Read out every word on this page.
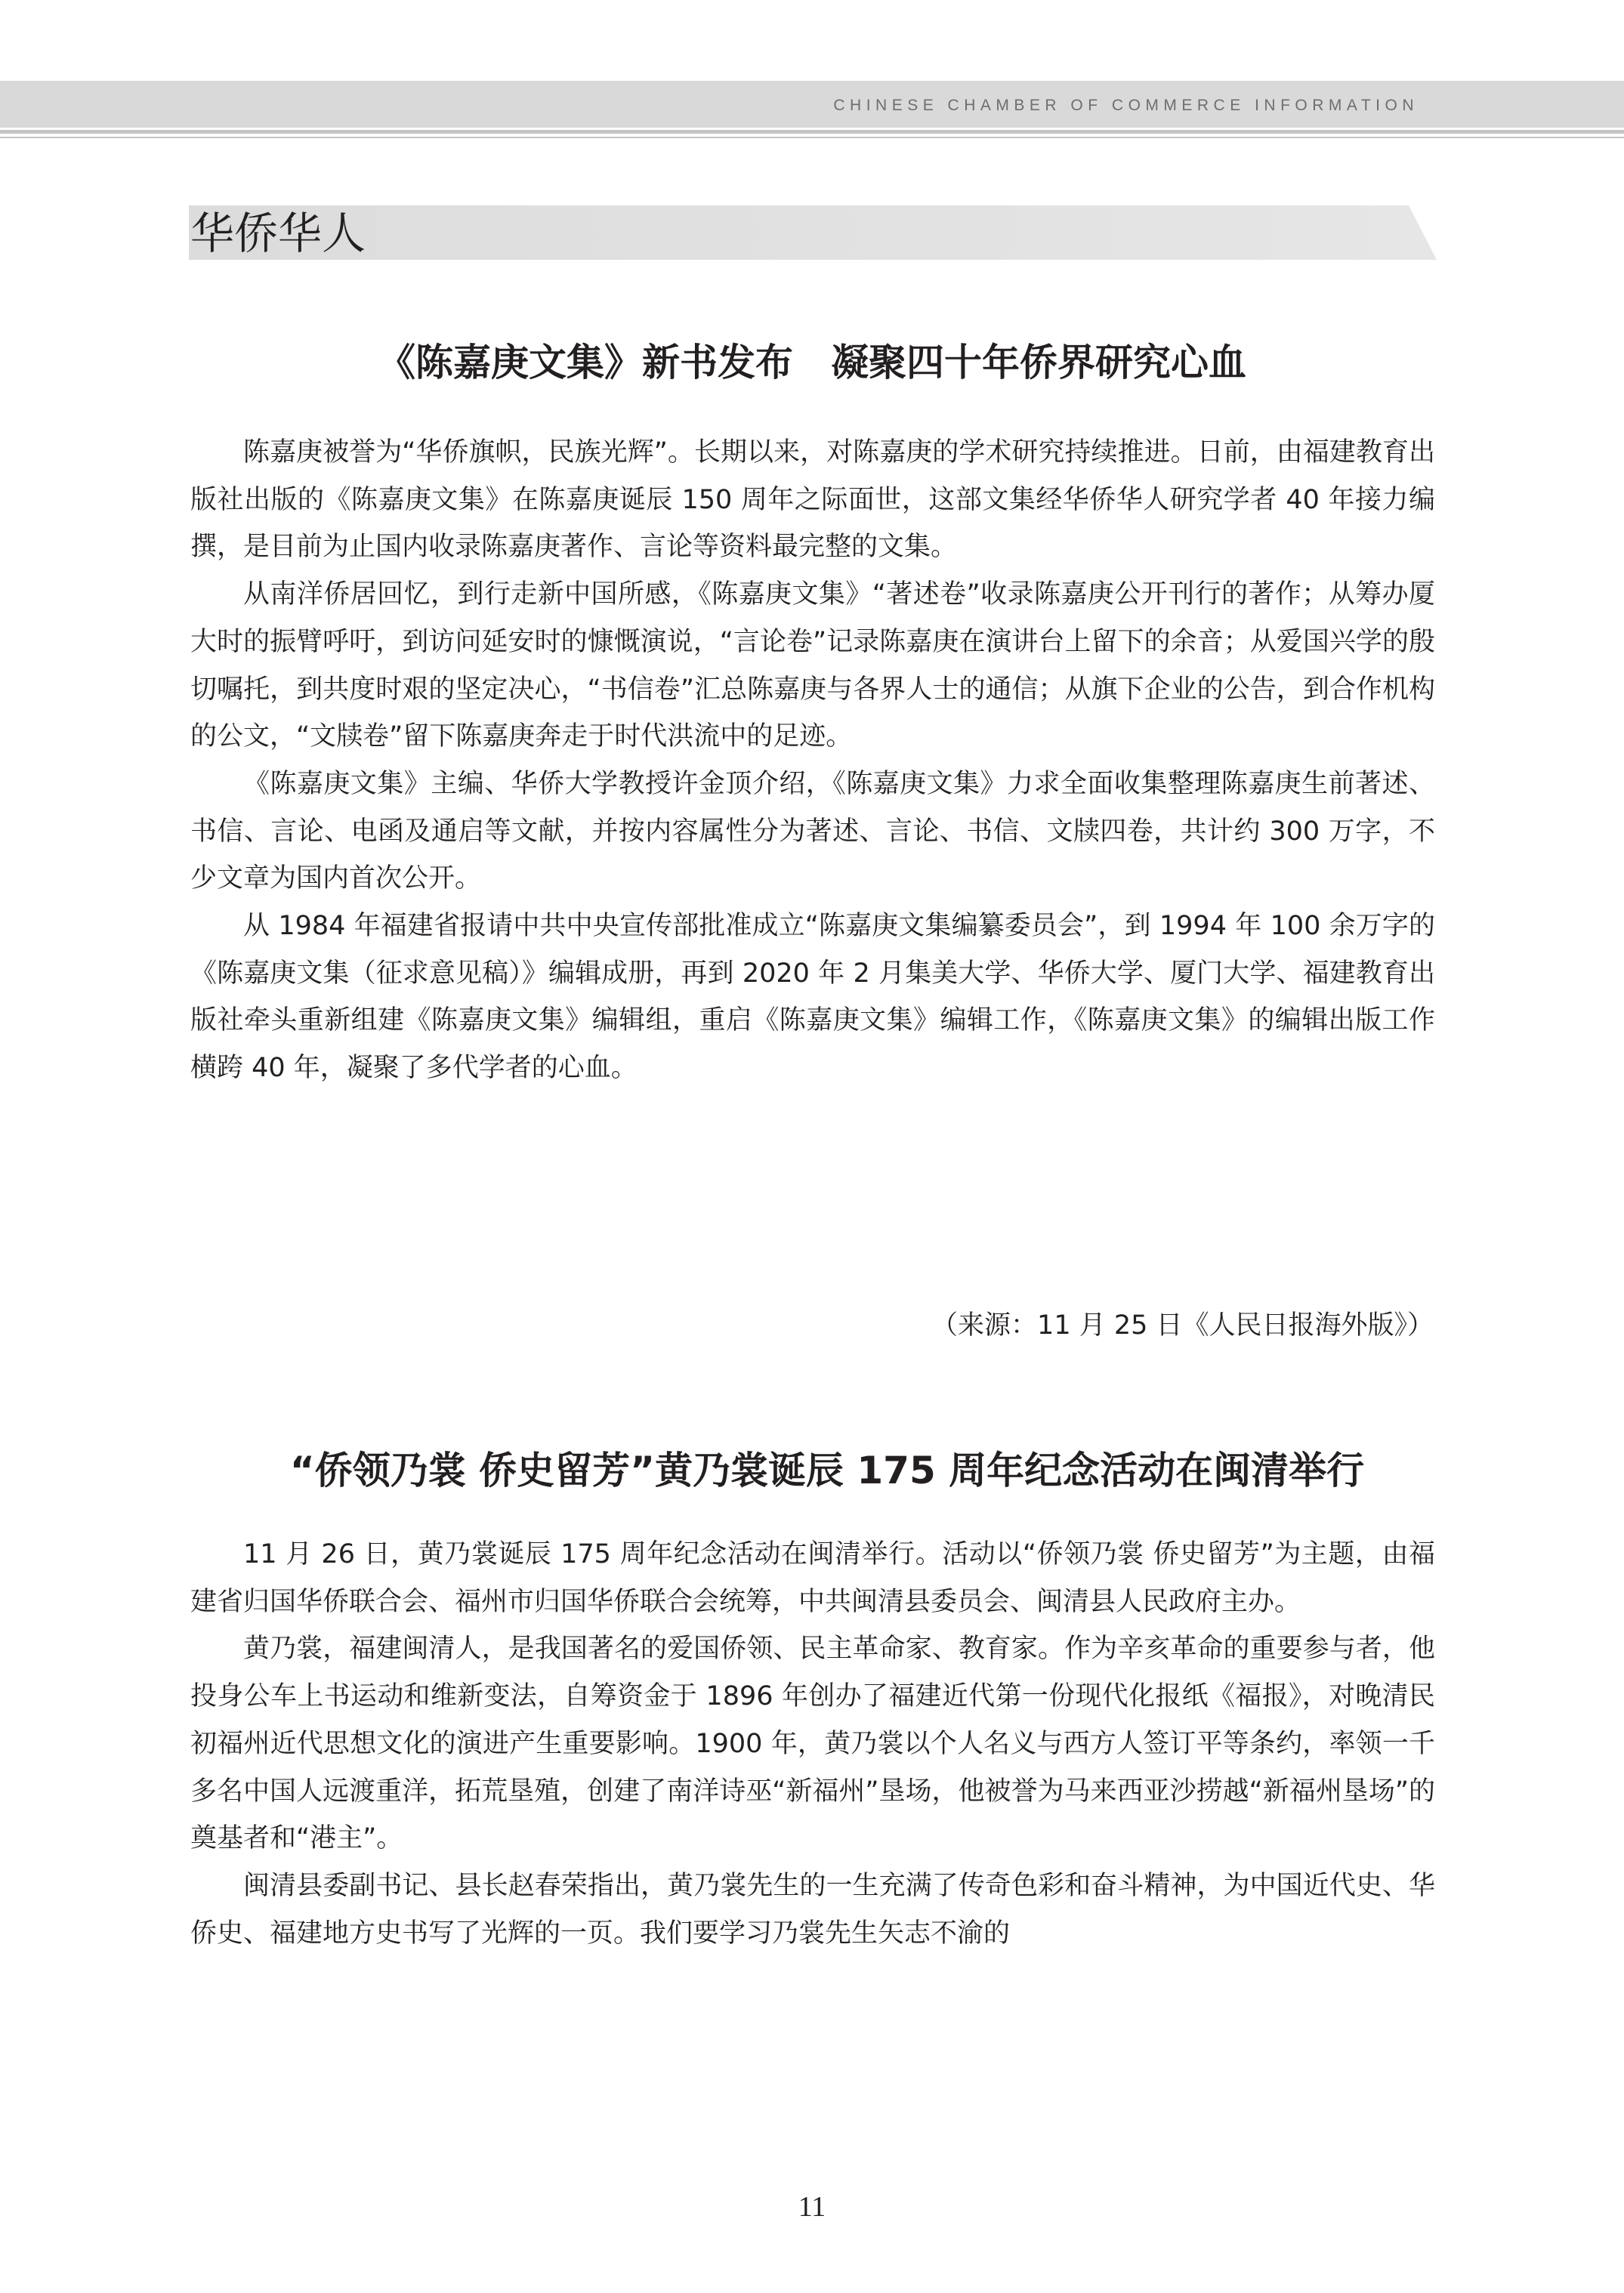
CHINESE CHAMBER OF COMMERCE INFORMATION
华侨华人
《陈嘉庚文集》新书发布　凝聚四十年侨界研究心血

陈嘉庚被誉为“华侨旗帜，民族光辉”。长期以来，对陈嘉庚的学术研究持续推进。日前，由福建教育出版社出版的《陈嘉庚文集》在陈嘉庚诞辰 150 周年之际面世，这部文集经华侨华人研究学者 40 年接力编撰，是目前为止国内收录陈嘉庚著作、言论等资料最完整的文集。

从南洋侨居回忆，到行走新中国所感，《陈嘉庚文集》“著述卷”收录陈嘉庚公开刊行的著作；从筹办厦大时的振臂呼吁，到访问延安时的慷慨演说，“言论卷”记录陈嘉庚在演讲台上留下的余音；从爱国兴学的殷切嘱托，到共度时艰的坚定决心，“书信卷”汇总陈嘉庚与各界人士的通信；从旗下企业的公告，到合作机构的公文，“文牍卷”留下陈嘉庚奔走于时代洪流中的足迹。

《陈嘉庚文集》主编、华侨大学教授许金顶介绍，《陈嘉庚文集》力求全面收集整理陈嘉庚生前著述、书信、言论、电函及通启等文献，并按内容属性分为著述、言论、书信、文牍四卷，共计约 300 万字，不少文章为国内首次公开。

从 1984 年福建省报请中共中央宣传部批准成立“陈嘉庚文集编纂委员会”，到 1994 年 100 余万字的《陈嘉庚文集（征求意见稿）》编辑成册，再到 2020 年 2 月集美大学、华侨大学、厦门大学、福建教育出版社牵头重新组建《陈嘉庚文集》编辑组，重启《陈嘉庚文集》编辑工作，《陈嘉庚文集》的编辑出版工作横跨 40 年，凝聚了多代学者的心血。

（来源：11 月 25 日《人民日报海外版》）
“侨领乃裳 侨史留芳”黄乃裳诞辰 175 周年纪念活动在闽清举行

11 月 26 日，黄乃裳诞辰 175 周年纪念活动在闽清举行。活动以“侨领乃裳 侨史留芳”为主题，由福建省归国华侨联合会、福州市归国华侨联合会统筹，中共闽清县委员会、闽清县人民政府主办。

黄乃裳，福建闽清人，是我国著名的爱国侨领、民主革命家、教育家。作为辛亥革命的重要参与者，他投身公车上书运动和维新变法，自筹资金于 1896 年创办了福建近代第一份现代化报纸《福报》，对晚清民初福州近代思想文化的演进产生重要影响。1900 年，黄乃裳以个人名义与西方人签订平等条约，率领一千多名中国人远渡重洋，拓荒垦殖，创建了南洋诗巫“新福州”垦场，他被誉为马来西亚沙捞越“新福州垦场”的奠基者和“港主”。

闽清县委副书记、县长赵春荣指出，黄乃裳先生的一生充满了传奇色彩和奋斗精神，为中国近代史、华侨史、福建地方史书写了光辉的一页。我们要学习乃裳先生矢志不渝的

11
